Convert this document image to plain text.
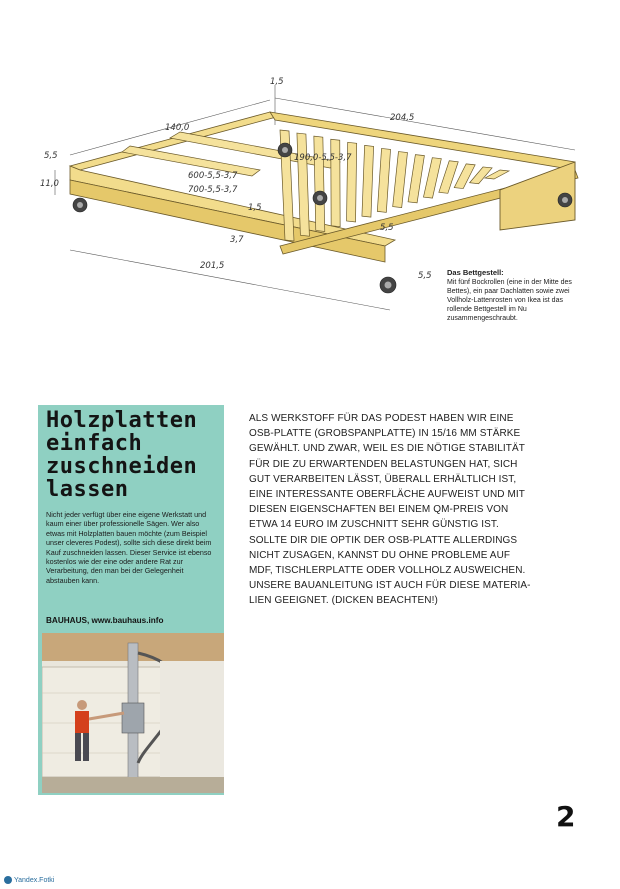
1,5
140,0
204,5
5,5
11,0
190,0-5,5-3,7
600-5,5-3,7
700-5,5-3,7
1,5
3,7
5,5
201,5
5,5 Das Bettgestell:
Mit fünf Bockrollen (eine in der Mitte des Bettes), ein paar Dachlatten sowie zwei Vollholz-Lattenrosten von Ikea ist das rollende Bettgestell im Nu zusammengeschraubt.
Holzplatten
einfach
zuschneiden
lassen

Nicht jeder verfügt über eine eigene Werkstatt und kaum einer über professionelle Sägen. Wer also etwas mit Holzplatten bauen möchte (zum Beispiel unser cleveres Podest), sollte sich diese direkt beim Kauf zuschneiden lassen. Dieser Service ist ebenso kostenlos wie der eine oder andere Rat zur Verarbeitung, den man bei der Gelegenheit abstauben kann.

BAUHAUS, www.bauhaus.info

ALS WERKSTOFF FÜR DAS PODEST HABEN WIR EINE
OSB-PLATTE (GROBSPANPLATTE) IN 15/16 MM STÄRKE
GEWÄHLT. UND ZWAR, WEIL ES DIE NÖTIGE STABILITÄT
FÜR DIE ZU ERWARTENDEN BELASTUNGEN HAT, SICH
GUT VERARBEITEN LÄSST, ÜBERALL ERHÄLTLICH IST,
EINE INTERESSANTE OBERFLÄCHE AUFWEIST UND MIT
DIESEN EIGENSCHAFTEN BEI EINEM QM-PREIS VON
ETWA 14 EURO IM ZUSCHNITT SEHR GÜNSTIG IST.
SOLLTE DIR DIE OPTIK DER OSB-PLATTE ALLERDINGS
NICHT ZUSAGEN, KANNST DU OHNE PROBLEME AUF
MDF, TISCHLERPLATTE ODER VOLLHOLZ AUSWEICHEN.
UNSERE BAUANLEITUNG IST AUCH FÜR DIESE MATERIA-
LIEN GEEIGNET. (DICKEN BEACHTEN!)

2
Yandex.Fotki
